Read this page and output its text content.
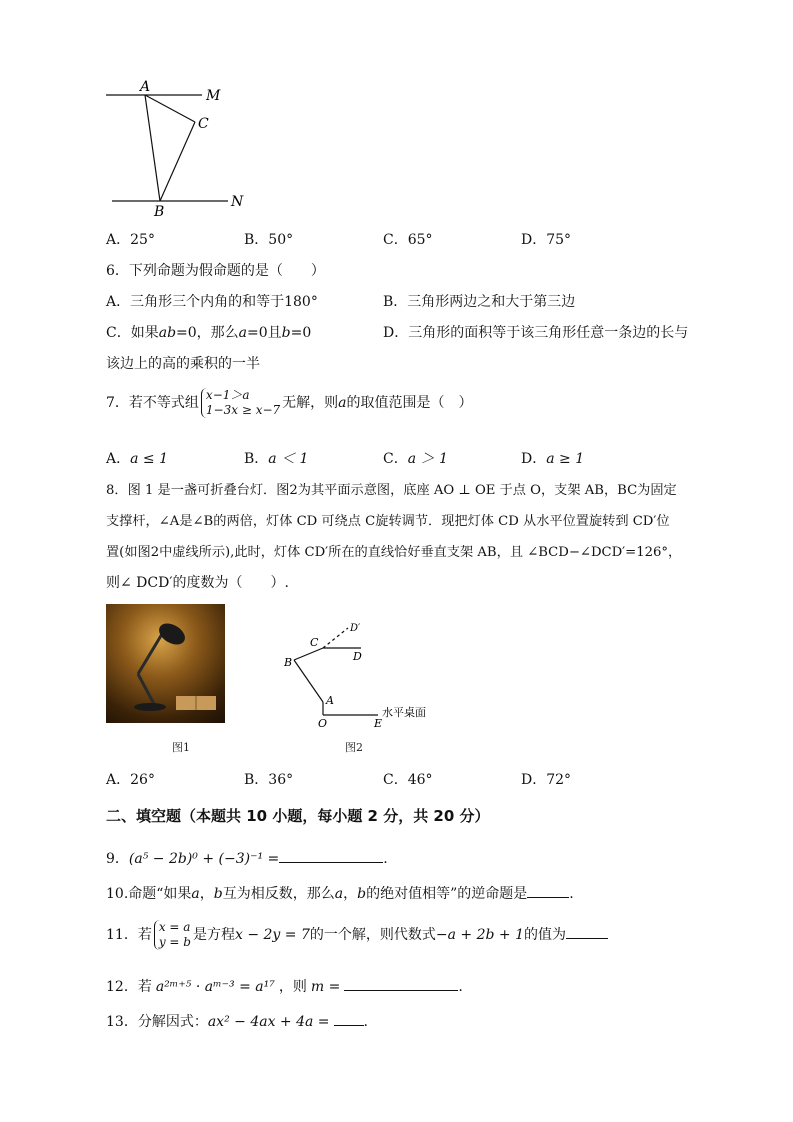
A
M
C
B
N
A．25°	B．50°	C．65°	D．75°
6．下列命题为假命题的是（　　）
A．三角形三个内角的和等于180°	B．三角形两边之和大于第三边
C．如果ab=0，那么a=0且b=0	D．三角形的面积等于该三角形任意一条边的长与
该边上的高的乘积的一半
7．若不等式组 x−1＞a
1−3x ≥ x−7 无解，则a的取值范围是（　）
A．a ≤ 1	B．a ＜ 1	C．a ＞ 1	D．a ≥ 1
8．图 1 是一盏可折叠台灯．图2为其平面示意图，底座 AO ⊥ OE 于点 O，支架 AB，BC为固定
支撑杆，∠A是∠B的两倍，灯体 CD 可绕点 C旋转调节．现把灯体 CD 从水平位置旋转到 CD′位
置(如图2中虚线所示),此时，灯体 CD′所在的直线恰好垂直支架 AB，且 ∠BCD−∠DCD′=126°，
则∠ DCD′的度数为（　　）.
图1
C
D′
D
B
A
O	E
水平桌面
图2
A．26°	B．36°	C．46°	D．72°
二、填空题（本题共 10 小题，每小题 2 分，共 20 分）
9．(a⁵ − 2b)⁰ + (−3)⁻¹ =	.
10.命题“如果a，b互为相反数，那么a，b的绝对值相等”的逆命题是	.
11．若 x = a
y = b 是方程x − 2y = 7的一个解，则代数式−a + 2b + 1的值为
12．若 a²ᵐ⁺⁵ · aᵐ⁻³ = a¹⁷ ，则 m =	.
13．分解因式：ax² − 4ax + 4a = .
